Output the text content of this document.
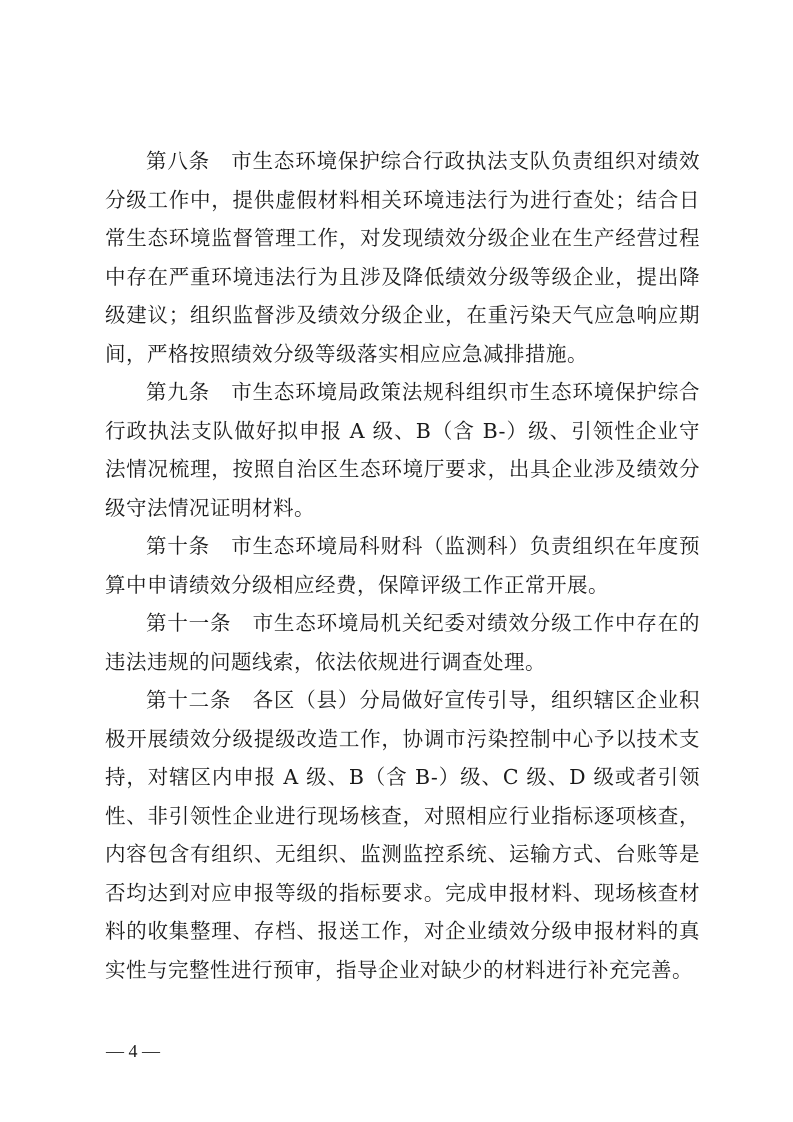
第八条　 市生态环境保护综合行政执法支队负责组织对绩效分级工作中，提供虚假材料相关环境违法行为进行查处；结合日常生态环境监督管理工作，对发现绩效分级企业在生产经营过程中存在严重环境违法行为且涉及降低绩效分级等级企业，提出降级建议；组织监督涉及绩效分级企业，在重污染天气应急响应期间，严格按照绩效分级等级落实相应应急减排措施。

第九条　 市生态环境局政策法规科组织市生态环境保护综合行政执法支队做好拟申报 A 级、B（含 B-）级、引领性企业守法情况梳理，按照自治区生态环境厅要求，出具企业涉及绩效分级守法情况证明材料。

第十条　 市生态环境局科财科（监测科）负责组织在年度预算中申请绩效分级相应经费，保障评级工作正常开展。

第十一条　 市生态环境局机关纪委对绩效分级工作中存在的违法违规的问题线索，依法依规进行调查处理。

第十二条　 各区（县）分局做好宣传引导，组织辖区企业积极开展绩效分级提级改造工作，协调市污染控制中心予以技术支持，对辖区内申报 A 级、B（含 B-）级、C 级、D 级或者引领性、非引领性企业进行现场核查，对照相应行业指标逐项核查，内容包含有组织、无组织、监测监控系统、运输方式、台账等是否均达到对应申报等级的指标要求。完成申报材料、现场核查材料的收集整理、存档、报送工作，对企业绩效分级申报材料的真实性与完整性进行预审，指导企业对缺少的材料进行补充完善。

— 4 —
